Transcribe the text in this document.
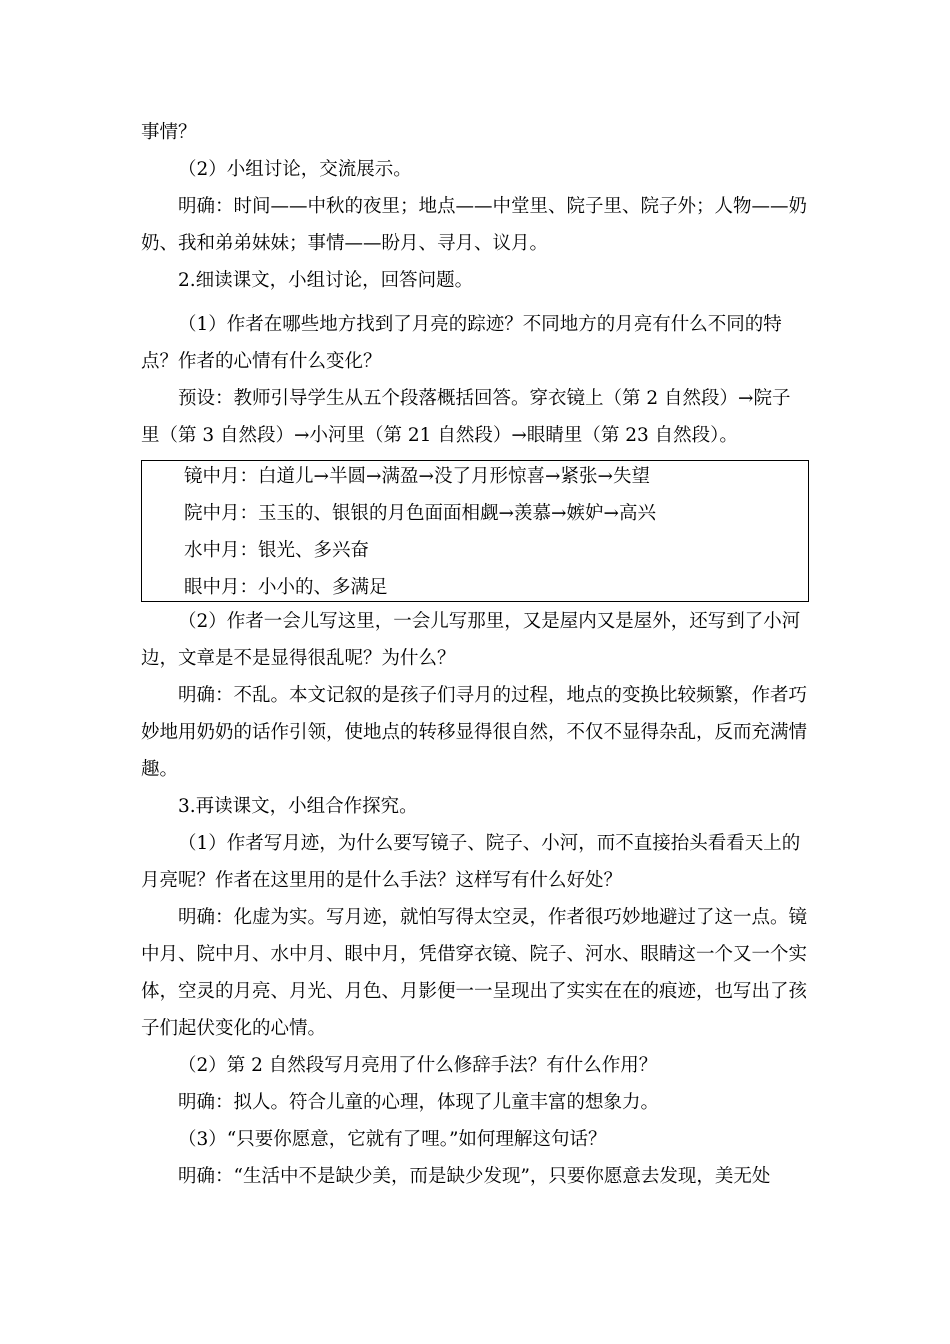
事情？
（2）小组讨论，交流展示。
明确：时间——中秋的夜里；地点——中堂里、院子里、院子外；人物——奶奶、我和弟弟妹妹；事情——盼月、寻月、议月。
2.细读课文，小组讨论，回答问题。
（1）作者在哪些地方找到了月亮的踪迹？不同地方的月亮有什么不同的特点？作者的心情有什么变化？
预设：教师引导学生从五个段落概括回答。穿衣镜上（第 2 自然段）→院子里（第 3 自然段）→小河里（第 21 自然段）→眼睛里（第 23 自然段）。
镜中月：白道儿→半圆→满盈→没了月形惊喜→紧张→失望
院中月：玉玉的、银银的月色面面相觑→羡慕→嫉妒→高兴
水中月：银光、多兴奋
眼中月：小小的、多满足
（2）作者一会儿写这里，一会儿写那里，又是屋内又是屋外，还写到了小河边，文章是不是显得很乱呢？为什么？
明确：不乱。本文记叙的是孩子们寻月的过程，地点的变换比较频繁，作者巧妙地用奶奶的话作引领，使地点的转移显得很自然，不仅不显得杂乱，反而充满情趣。
3.再读课文，小组合作探究。
（1）作者写月迹，为什么要写镜子、院子、小河，而不直接抬头看看天上的月亮呢？作者在这里用的是什么手法？这样写有什么好处？
明确：化虚为实。写月迹，就怕写得太空灵，作者很巧妙地避过了这一点。镜中月、院中月、水中月、眼中月，凭借穿衣镜、院子、河水、眼睛这一个又一个实体，空灵的月亮、月光、月色、月影便一一呈现出了实实在在的痕迹，也写出了孩子们起伏变化的心情。
（2）第 2 自然段写月亮用了什么修辞手法？有什么作用？
明确：拟人。符合儿童的心理，体现了儿童丰富的想象力。
（3）“只要你愿意，它就有了哩。”如何理解这句话？
明确：“生活中不是缺少美，而是缺少发现”，只要你愿意去发现，美无处
